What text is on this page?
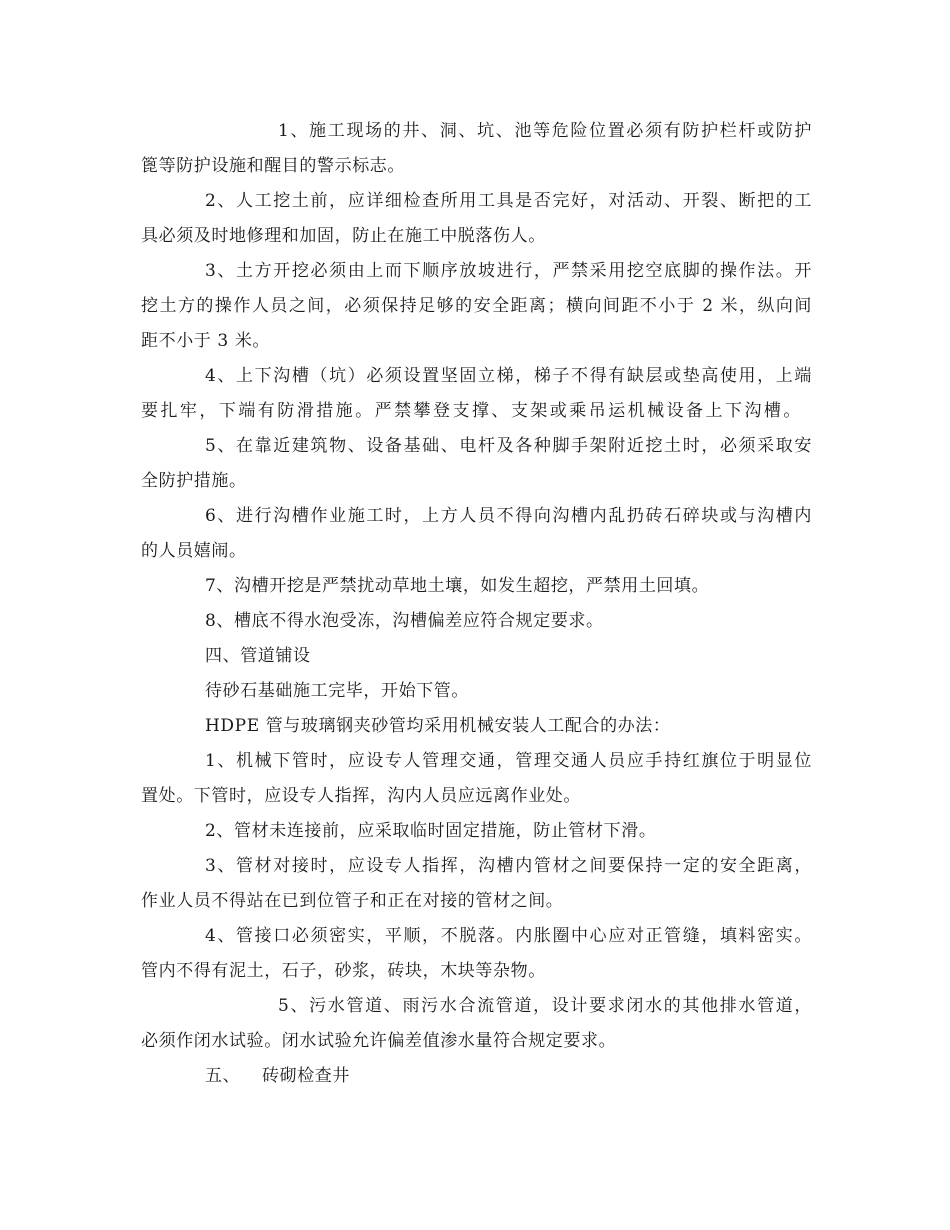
1、施工现场的井、洞、坑、池等危险位置必须有防护栏杆或防护
篦等防护设施和醒目的警示标志。
2、人工挖土前，应详细检查所用工具是否完好，对活动、开裂、断把的工
具必须及时地修理和加固，防止在施工中脱落伤人。
3、土方开挖必须由上而下顺序放坡进行，严禁采用挖空底脚的操作法。开
挖土方的操作人员之间，必须保持足够的安全距离；横向间距不小于 2 米，纵向间
距不小于 3 米。
4、上下沟槽（坑）必须设置坚固立梯，梯子不得有缺层或垫高使用，上端
要扎牢，下端有防滑措施。严禁攀登支撑、支架或乘吊运机械设备上下沟槽。
5、在靠近建筑物、设备基础、电杆及各种脚手架附近挖土时，必须采取安
全防护措施。
6、进行沟槽作业施工时，上方人员不得向沟槽内乱扔砖石碎块或与沟槽内
的人员嬉闹。
7、沟槽开挖是严禁扰动草地土壤，如发生超挖，严禁用土回填。
8、槽底不得水泡受冻，沟槽偏差应符合规定要求。
四、管道铺设
待砂石基础施工完毕，开始下管。
HDPE 管与玻璃钢夹砂管均采用机械安装人工配合的办法：
1、机械下管时，应设专人管理交通，管理交通人员应手持红旗位于明显位
置处。下管时，应设专人指挥，沟内人员应远离作业处。
2、管材未连接前，应采取临时固定措施，防止管材下滑。
3、管材对接时，应设专人指挥，沟槽内管材之间要保持一定的安全距离，
作业人员不得站在已到位管子和正在对接的管材之间。
4、管接口必须密实，平顺，不脱落。内胀圈中心应对正管缝，填料密实。
管内不得有泥土，石子，砂浆，砖块，木块等杂物。
5、污水管道、雨污水合流管道，设计要求闭水的其他排水管道，
必须作闭水试验。闭水试验允许偏差值渗水量符合规定要求。
五、 砖砌检查井
